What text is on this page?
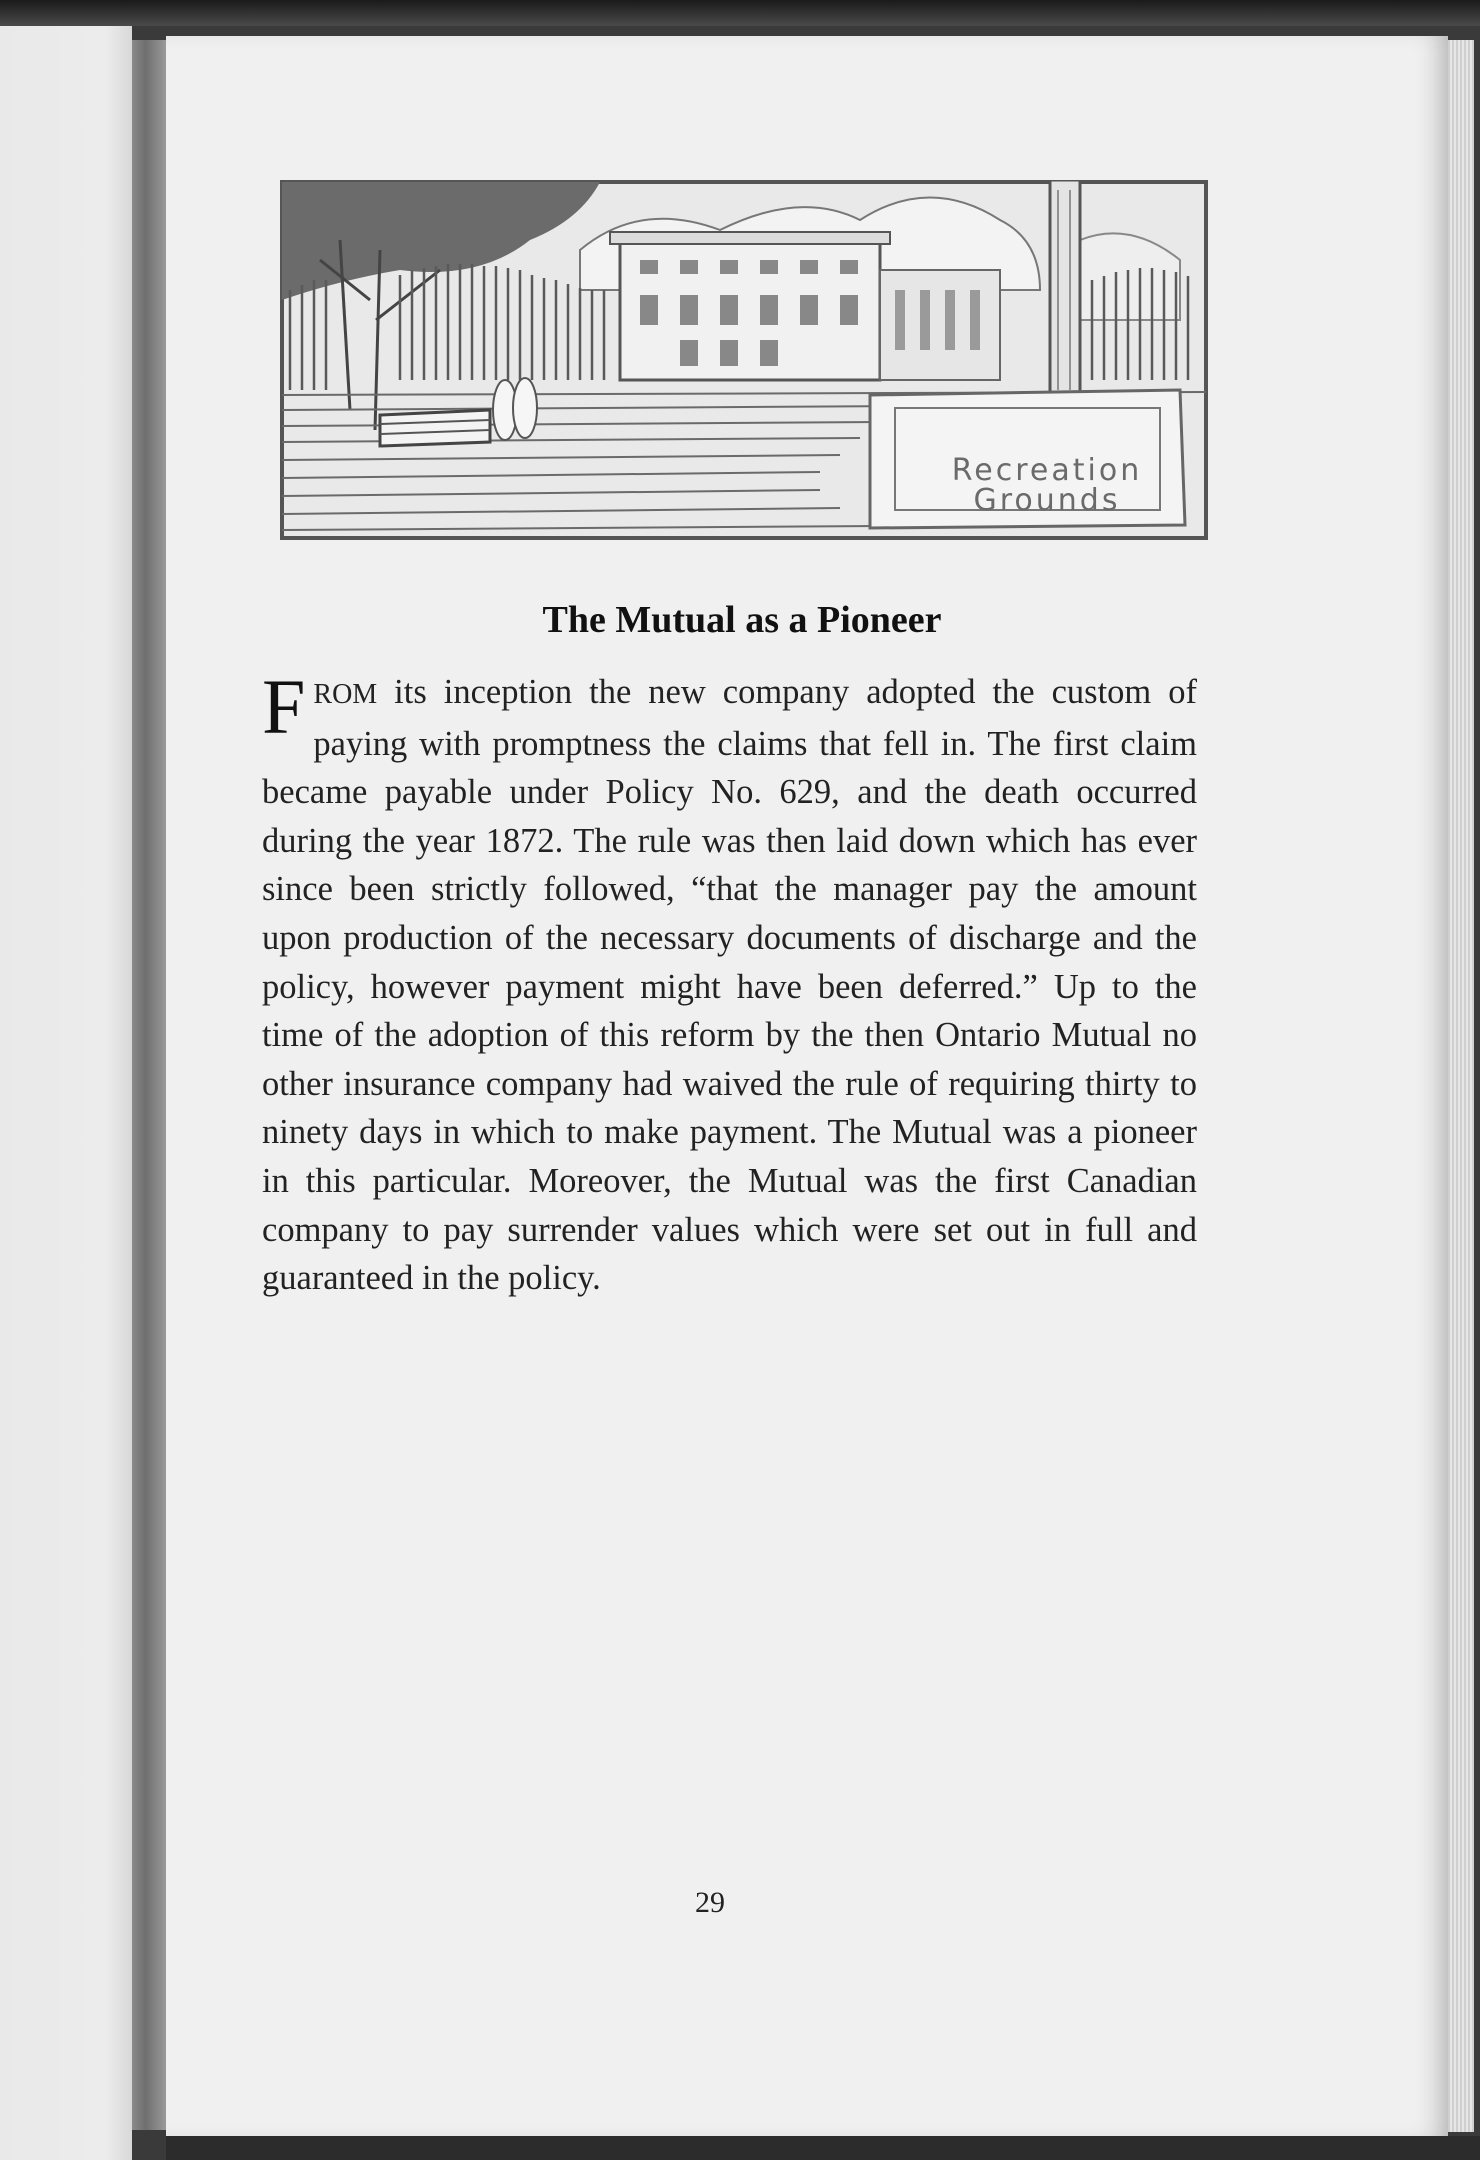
Recreation
Grounds
The Mutual as a Pioneer

FROM its inception the new company adopted the custom of paying with promptness the claims that fell in. The first claim became payable under Policy No. 629, and the death occurred during the year 1872. The rule was then laid down which has ever since been strictly followed, “that the manager pay the amount upon production of the necessary documents of discharge and the policy, however payment might have been deferred.” Up to the time of the adoption of this reform by the then Ontario Mutual no other insurance company had waived the rule of requiring thirty to ninety days in which to make payment. The Mutual was a pioneer in this particular. Moreover, the Mutual was the first Canadian company to pay surrender values which were set out in full and guaranteed in the policy.

29
